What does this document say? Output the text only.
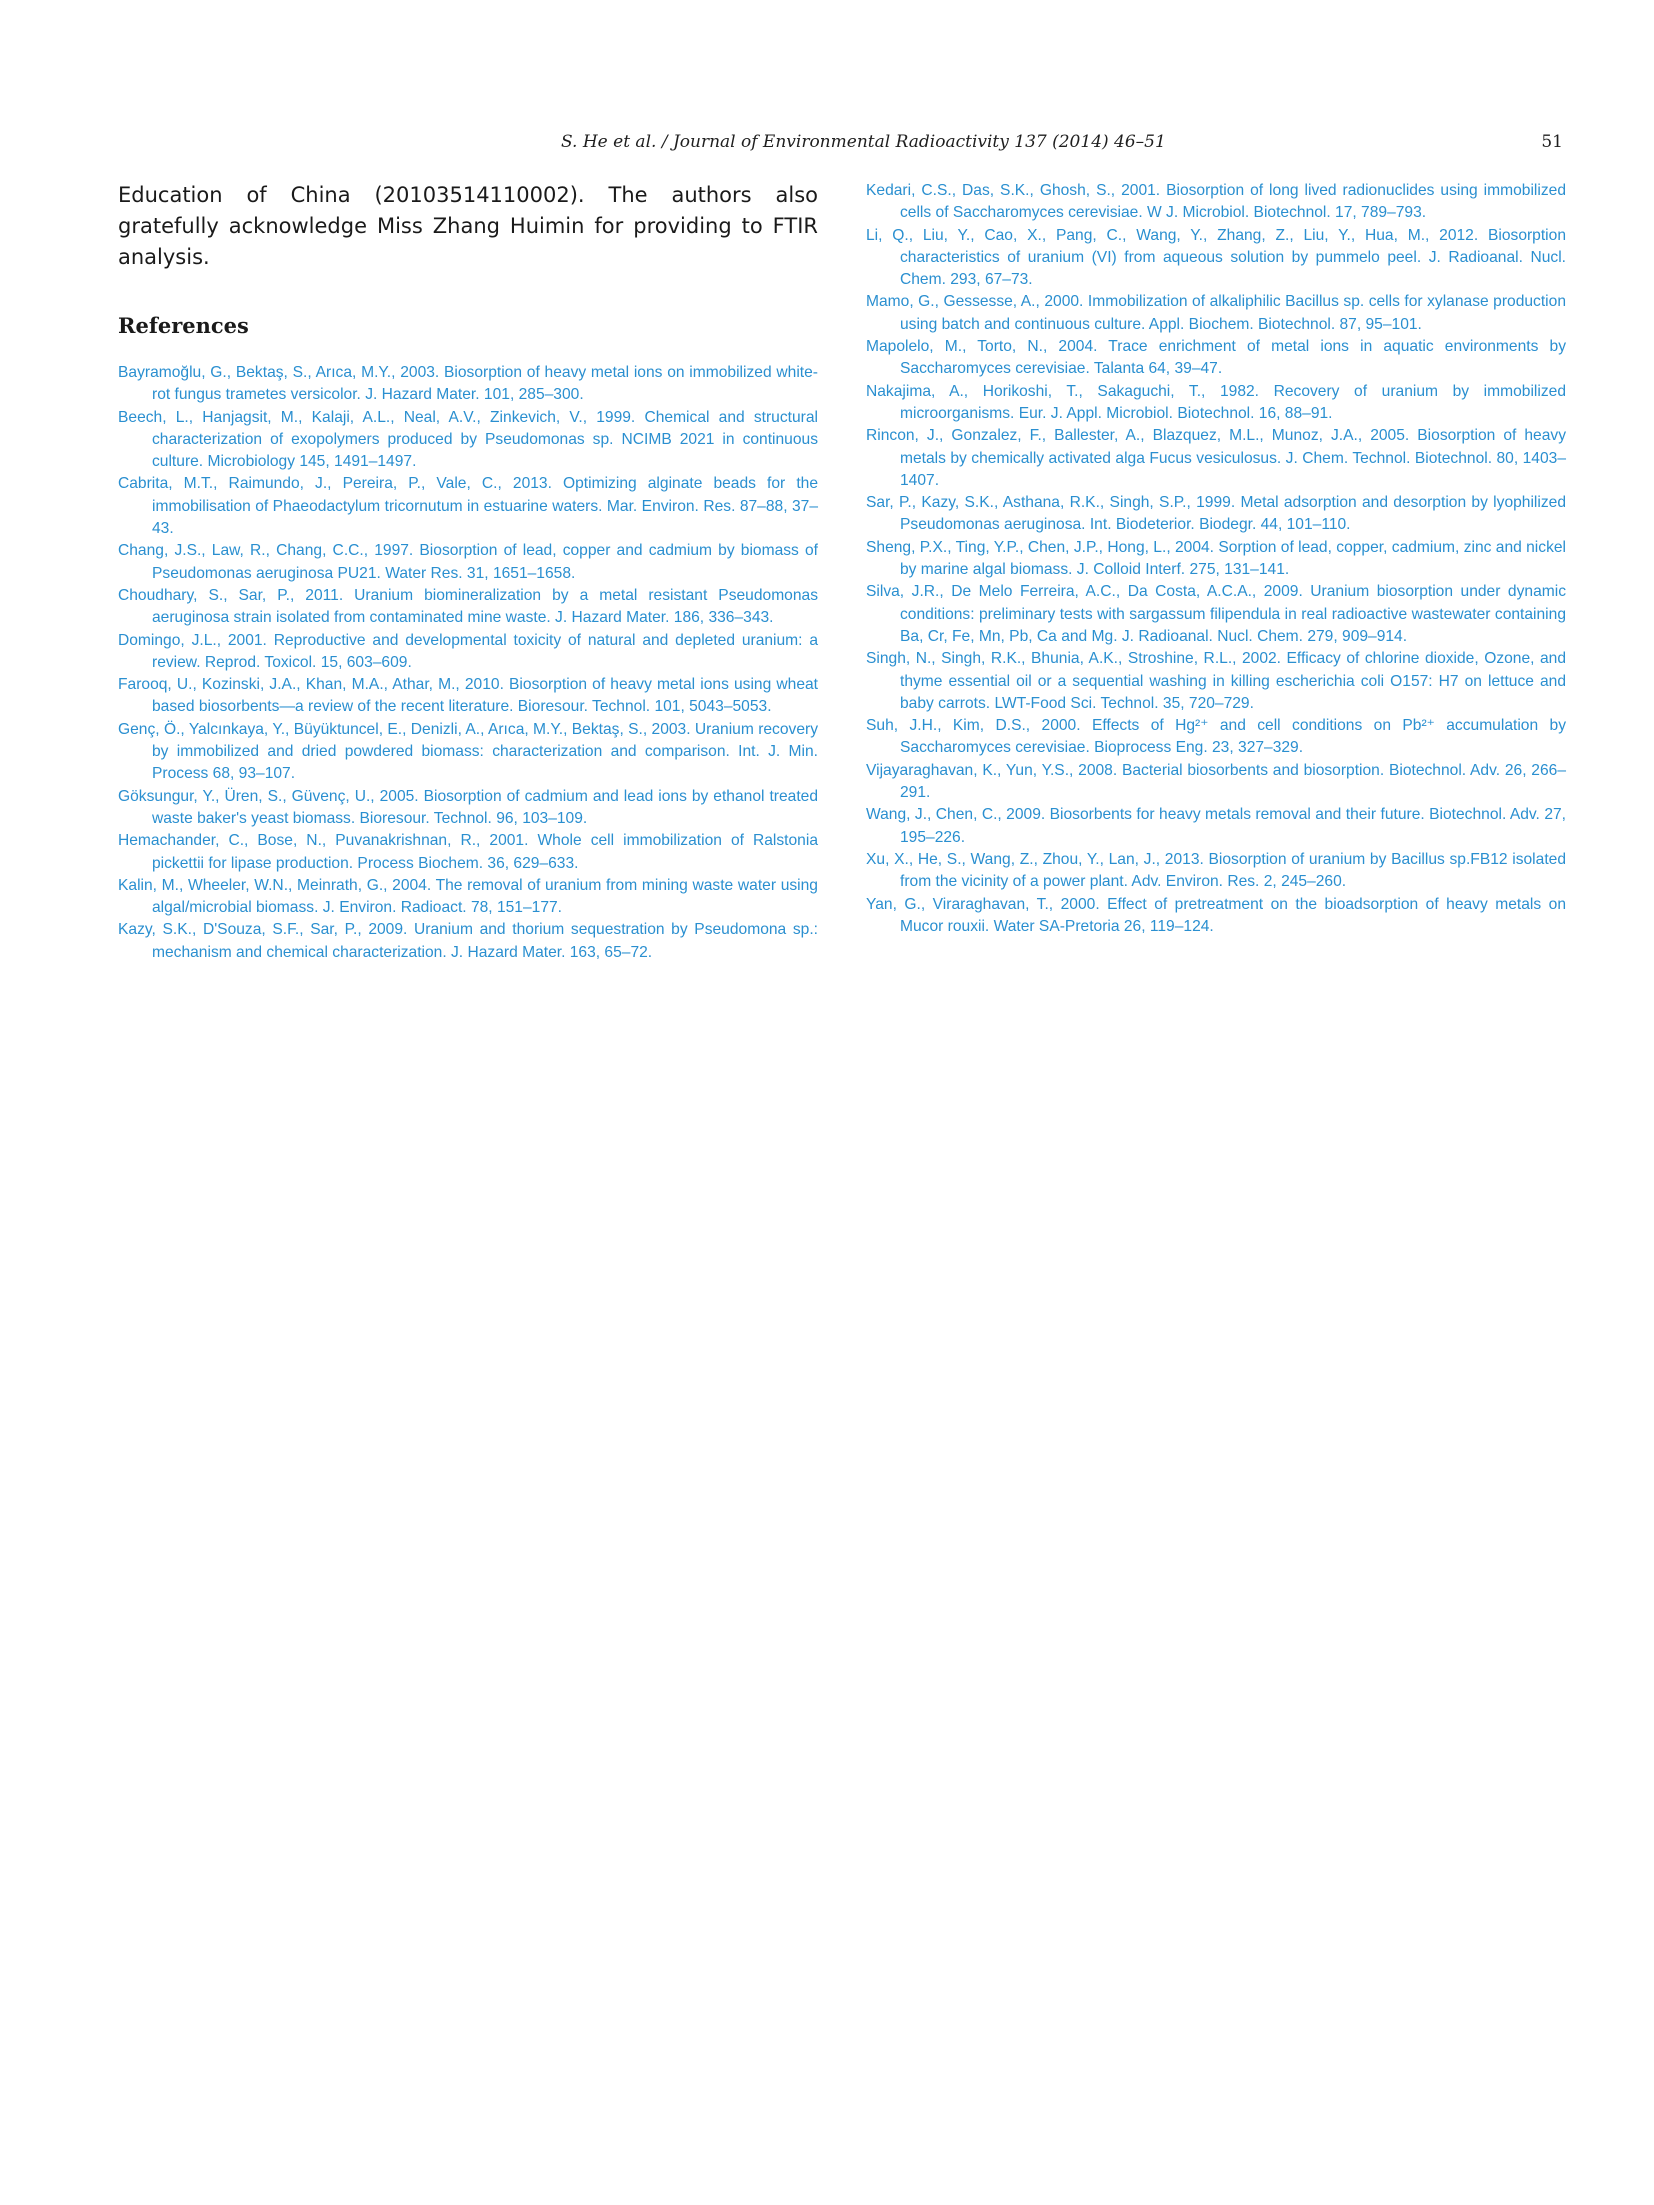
S. He et al. / Journal of Environmental Radioactivity 137 (2014) 46–51	51

Education of China (20103514110002). The authors also gratefully acknowledge Miss Zhang Huimin for providing to FTIR analysis.

References
Bayramoğlu, G., Bektaş, S., Arıca, M.Y., 2003. Biosorption of heavy metal ions on immobilized white-rot fungus trametes versicolor. J. Hazard Mater. 101, 285–300.
Beech, L., Hanjagsit, M., Kalaji, A.L., Neal, A.V., Zinkevich, V., 1999. Chemical and structural characterization of exopolymers produced by Pseudomonas sp. NCIMB 2021 in continuous culture. Microbiology 145, 1491–1497.
Cabrita, M.T., Raimundo, J., Pereira, P., Vale, C., 2013. Optimizing alginate beads for the immobilisation of Phaeodactylum tricornutum in estuarine waters. Mar. Environ. Res. 87–88, 37–43.
Chang, J.S., Law, R., Chang, C.C., 1997. Biosorption of lead, copper and cadmium by biomass of Pseudomonas aeruginosa PU21. Water Res. 31, 1651–1658.
Choudhary, S., Sar, P., 2011. Uranium biomineralization by a metal resistant Pseudomonas aeruginosa strain isolated from contaminated mine waste. J. Hazard Mater. 186, 336–343.
Domingo, J.L., 2001. Reproductive and developmental toxicity of natural and depleted uranium: a review. Reprod. Toxicol. 15, 603–609.
Farooq, U., Kozinski, J.A., Khan, M.A., Athar, M., 2010. Biosorption of heavy metal ions using wheat based biosorbents—a review of the recent literature. Bioresour. Technol. 101, 5043–5053.
Genç, Ö., Yalcınkaya, Y., Büyüktuncel, E., Denizli, A., Arıca, M.Y., Bektaş, S., 2003. Uranium recovery by immobilized and dried powdered biomass: characterization and comparison. Int. J. Min. Process 68, 93–107.
Göksungur, Y., Üren, S., Güvenç, U., 2005. Biosorption of cadmium and lead ions by ethanol treated waste baker's yeast biomass. Bioresour. Technol. 96, 103–109.
Hemachander, C., Bose, N., Puvanakrishnan, R., 2001. Whole cell immobilization of Ralstonia pickettii for lipase production. Process Biochem. 36, 629–633.
Kalin, M., Wheeler, W.N., Meinrath, G., 2004. The removal of uranium from mining waste water using algal/microbial biomass. J. Environ. Radioact. 78, 151–177.
Kazy, S.K., D'Souza, S.F., Sar, P., 2009. Uranium and thorium sequestration by Pseudomona sp.: mechanism and chemical characterization. J. Hazard Mater. 163, 65–72.
Kedari, C.S., Das, S.K., Ghosh, S., 2001. Biosorption of long lived radionuclides using immobilized cells of Saccharomyces cerevisiae. W J. Microbiol. Biotechnol. 17, 789–793.
Li, Q., Liu, Y., Cao, X., Pang, C., Wang, Y., Zhang, Z., Liu, Y., Hua, M., 2012. Biosorption characteristics of uranium (VI) from aqueous solution by pummelo peel. J. Radioanal. Nucl. Chem. 293, 67–73.
Mamo, G., Gessesse, A., 2000. Immobilization of alkaliphilic Bacillus sp. cells for xylanase production using batch and continuous culture. Appl. Biochem. Biotechnol. 87, 95–101.
Mapolelo, M., Torto, N., 2004. Trace enrichment of metal ions in aquatic environments by Saccharomyces cerevisiae. Talanta 64, 39–47.
Nakajima, A., Horikoshi, T., Sakaguchi, T., 1982. Recovery of uranium by immobilized microorganisms. Eur. J. Appl. Microbiol. Biotechnol. 16, 88–91.
Rincon, J., Gonzalez, F., Ballester, A., Blazquez, M.L., Munoz, J.A., 2005. Biosorption of heavy metals by chemically activated alga Fucus vesiculosus. J. Chem. Technol. Biotechnol. 80, 1403–1407.
Sar, P., Kazy, S.K., Asthana, R.K., Singh, S.P., 1999. Metal adsorption and desorption by lyophilized Pseudomonas aeruginosa. Int. Biodeterior. Biodegr. 44, 101–110.
Sheng, P.X., Ting, Y.P., Chen, J.P., Hong, L., 2004. Sorption of lead, copper, cadmium, zinc and nickel by marine algal biomass. J. Colloid Interf. 275, 131–141.
Silva, J.R., De Melo Ferreira, A.C., Da Costa, A.C.A., 2009. Uranium biosorption under dynamic conditions: preliminary tests with sargassum filipendula in real radioactive wastewater containing Ba, Cr, Fe, Mn, Pb, Ca and Mg. J. Radioanal. Nucl. Chem. 279, 909–914.
Singh, N., Singh, R.K., Bhunia, A.K., Stroshine, R.L., 2002. Efficacy of chlorine dioxide, Ozone, and thyme essential oil or a sequential washing in killing escherichia coli O157: H7 on lettuce and baby carrots. LWT-Food Sci. Technol. 35, 720–729.
Suh, J.H., Kim, D.S., 2000. Effects of Hg²⁺ and cell conditions on Pb²⁺ accumulation by Saccharomyces cerevisiae. Bioprocess Eng. 23, 327–329.
Vijayaraghavan, K., Yun, Y.S., 2008. Bacterial biosorbents and biosorption. Biotechnol. Adv. 26, 266–291.
Wang, J., Chen, C., 2009. Biosorbents for heavy metals removal and their future. Biotechnol. Adv. 27, 195–226.
Xu, X., He, S., Wang, Z., Zhou, Y., Lan, J., 2013. Biosorption of uranium by Bacillus sp.FB12 isolated from the vicinity of a power plant. Adv. Environ. Res. 2, 245–260.
Yan, G., Viraraghavan, T., 2000. Effect of pretreatment on the bioadsorption of heavy metals on Mucor rouxii. Water SA-Pretoria 26, 119–124.
